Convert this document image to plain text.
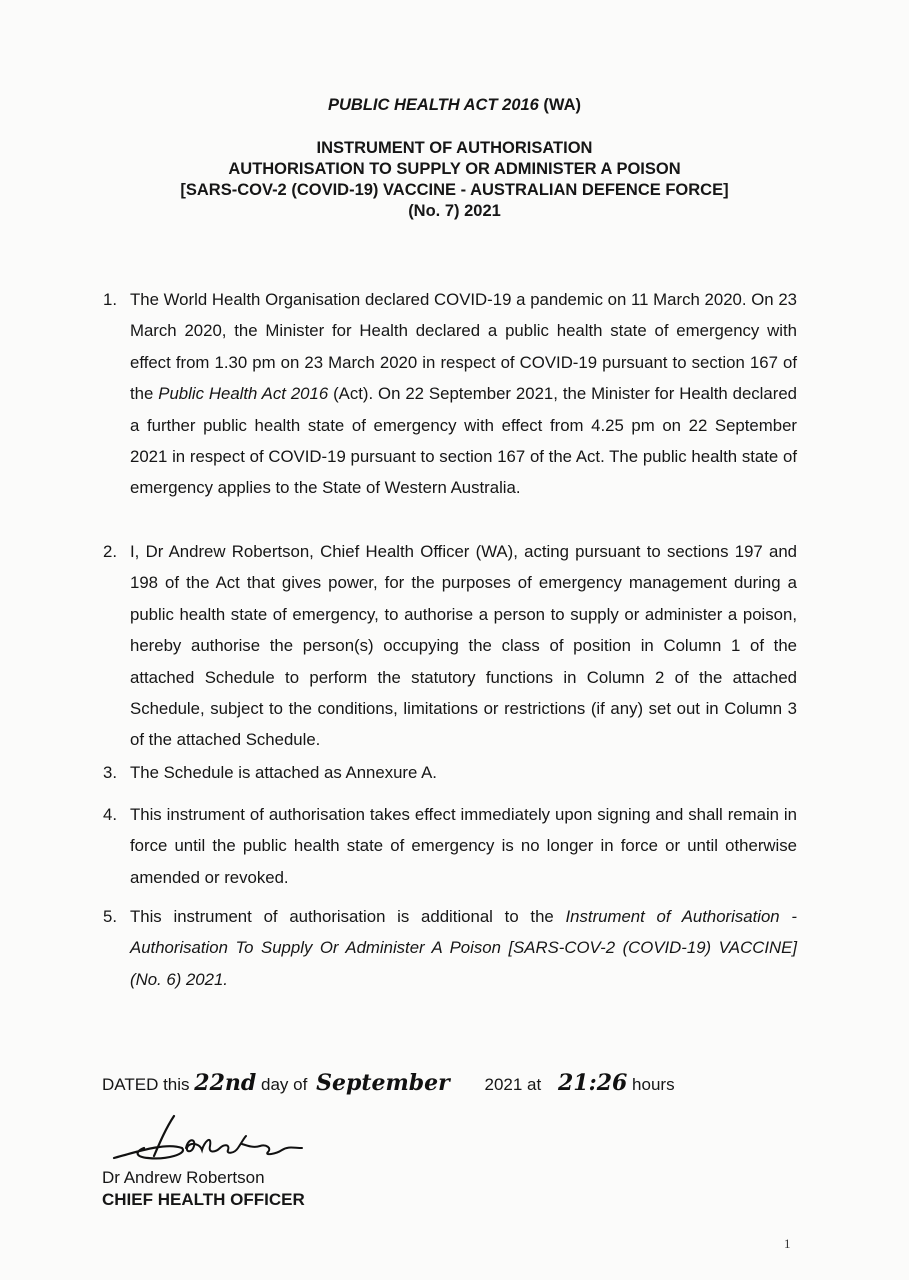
PUBLIC HEALTH ACT 2016 (WA)
INSTRUMENT OF AUTHORISATION
AUTHORISATION TO SUPPLY OR ADMINISTER A POISON
[SARS-COV-2 (COVID-19) VACCINE - AUSTRALIAN DEFENCE FORCE]
(No. 7) 2021
1. The World Health Organisation declared COVID-19 a pandemic on 11 March 2020. On 23 March 2020, the Minister for Health declared a public health state of emergency with effect from 1.30 pm on 23 March 2020 in respect of COVID-19 pursuant to section 167 of the Public Health Act 2016 (Act). On 22 September 2021, the Minister for Health declared a further public health state of emergency with effect from 4.25 pm on 22 September 2021 in respect of COVID-19 pursuant to section 167 of the Act. The public health state of emergency applies to the State of Western Australia.
2. I, Dr Andrew Robertson, Chief Health Officer (WA), acting pursuant to sections 197 and 198 of the Act that gives power, for the purposes of emergency management during a public health state of emergency, to authorise a person to supply or administer a poison, hereby authorise the person(s) occupying the class of position in Column 1 of the attached Schedule to perform the statutory functions in Column 2 of the attached Schedule, subject to the conditions, limitations or restrictions (if any) set out in Column 3 of the attached Schedule.
3. The Schedule is attached as Annexure A.
4. This instrument of authorisation takes effect immediately upon signing and shall remain in force until the public health state of emergency is no longer in force or until otherwise amended or revoked.
5. This instrument of authorisation is additional to the Instrument of Authorisation - Authorisation To Supply Or Administer A Poison [SARS-COV-2 (COVID-19) VACCINE] (No. 6) 2021.
DATED this 22nd day of September 2021 at 21:26 hours
Dr Andrew Robertson
CHIEF HEALTH OFFICER
1
